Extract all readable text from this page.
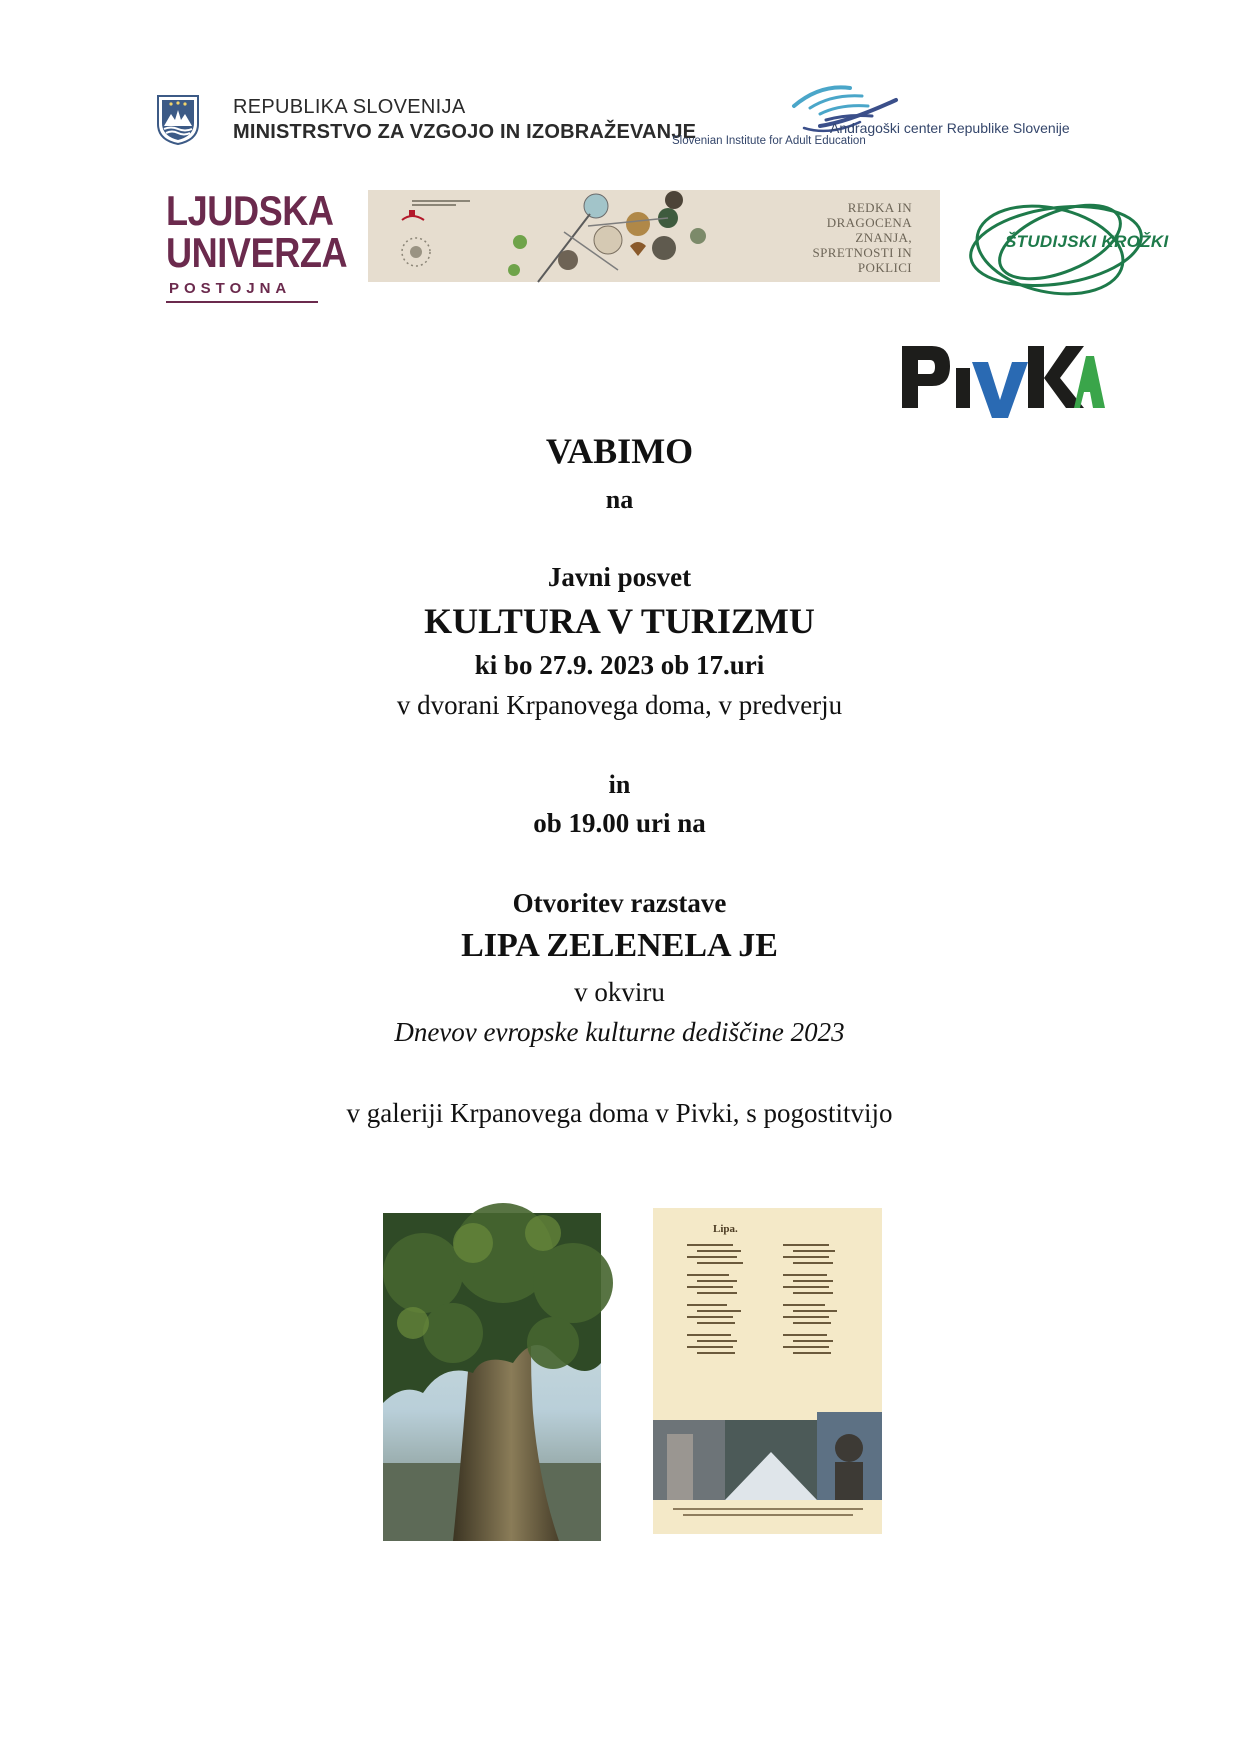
REPUBLIKA SLOVENIJA
MINISTRSTVO ZA VZGOJO IN IZOBRAŽEVANJE	Andragoški center Republike Slovenije
Slovenian Institute for Adult Education
LJUDSKA
UNIVERZA
POSTOJNA
REDKA IN
DRAGOCENA
ZNANJA,
SPRETNOSTI IN
POKLICI
ŠTUDIJSKI KROŽKI
PIVKA
VABIMO
na
Javni posvet
KULTURA V TURIZMU
ki bo 27.9. 2023 ob 17.uri
v dvorani Krpanovega doma, v predverju
in
ob 19.00 uri na
Otvoritev razstave
LIPA ZELENELA JE
v okviru
Dnevov evropske kulturne dediščine 2023
v galeriji Krpanovega doma v Pivki, s pogostitvijo
Lipa.
